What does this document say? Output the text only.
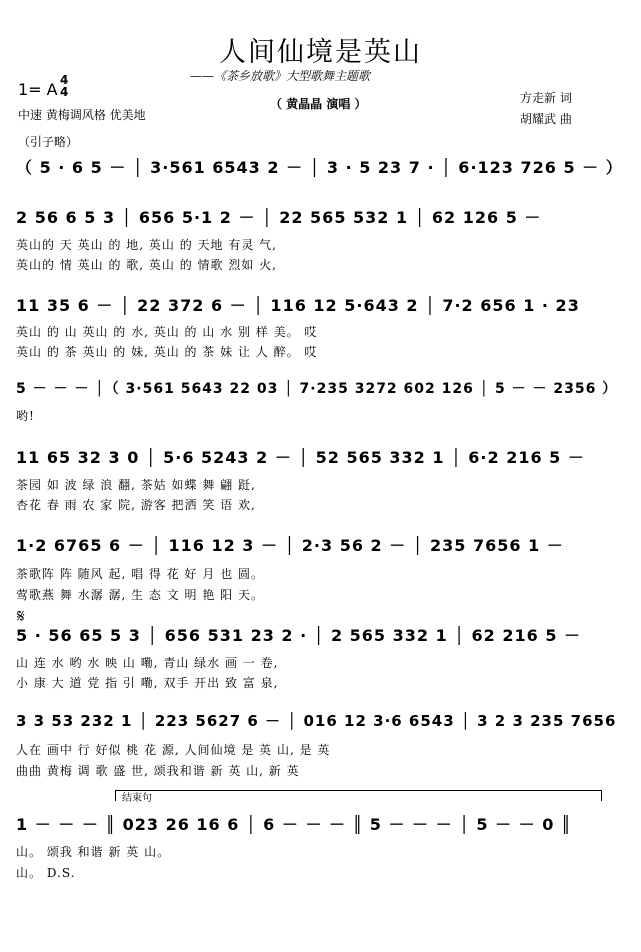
人间仙境是英山
——《茶乡放歌》大型歌舞主题歌
（ 黄晶晶 演唱 ）
1= A 4
4
中速 黄梅调风格 优美地
方走新 词
胡耀武 曲
（引子略）
（ 5 · 6 5 － │ 3·561 6543 2 － │ 3 · 5 23 7 · │ 6·123 726 5 － ）
2 56 6 5 3 │ 656 5·1 2 － │ 22 565 532 1 │ 62 126 5 －
英山的 天 英山 的 地, 英山 的 天地 有灵 气,
英山的 情 英山 的 歌, 英山 的 情歌 烈如 火,
11 35 6 － │ 22 372 6 － │ 116 12 5·643 2 │ 7·2 656 1 · 23
英山 的 山 英山 的 水, 英山 的 山 水 别 样 美。 哎
英山 的 茶 英山 的 妹, 英山 的 茶 妹 让 人 醉。 哎
5 － － － │（ 3·561 5643 22 03 │ 7·235 3272 602 126 │ 5 － － 2356 ）
哟!
11 65 32 3 0 │ 5·6 5243 2 － │ 52 565 332 1 │ 6·2 216 5 －
茶园 如 波 绿 浪 翻, 茶姑 如蝶 舞 翩 跹,
杏花 春 雨 农 家 院, 游客 把洒 笑 语 欢,
1·2 6765 6 － │ 116 12 3 － │ 2·3 56 2 － │ 235 7656 1 －
茶歌阵 阵 随风 起, 唱 得 花 好 月 也 圆。
莺歌燕 舞 水潺 潺, 生 态 文 明 艳 阳 天。
𝄋
5 · 56 65 5 3 │ 656 531 23 2 · │ 2 565 332 1 │ 62 216 5 －
山 连 水 哟 水 映 山 嘞, 青山 绿水 画 一 卷,
小 康 大 道 党 指 引 嘞, 双手 开出 致 富 泉,
3 3 53 232 1 │ 223 5627 6 － │ 016 12 3·6 6543 │ 3 2 3 235 7656
人在 画中 行 好似 桃 花 源, 人间仙境 是 英 山, 是 英
曲曲 黄梅 调 歌 盛 世, 颂我和谐 新 英 山, 新 英
结束句
1 － － － ║ 023 26 16 6 │ 6 － － － ║ 5 － － － │ 5 － － 0 ║
山。 颂我 和谐 新 英 山。
山。 D.S.
